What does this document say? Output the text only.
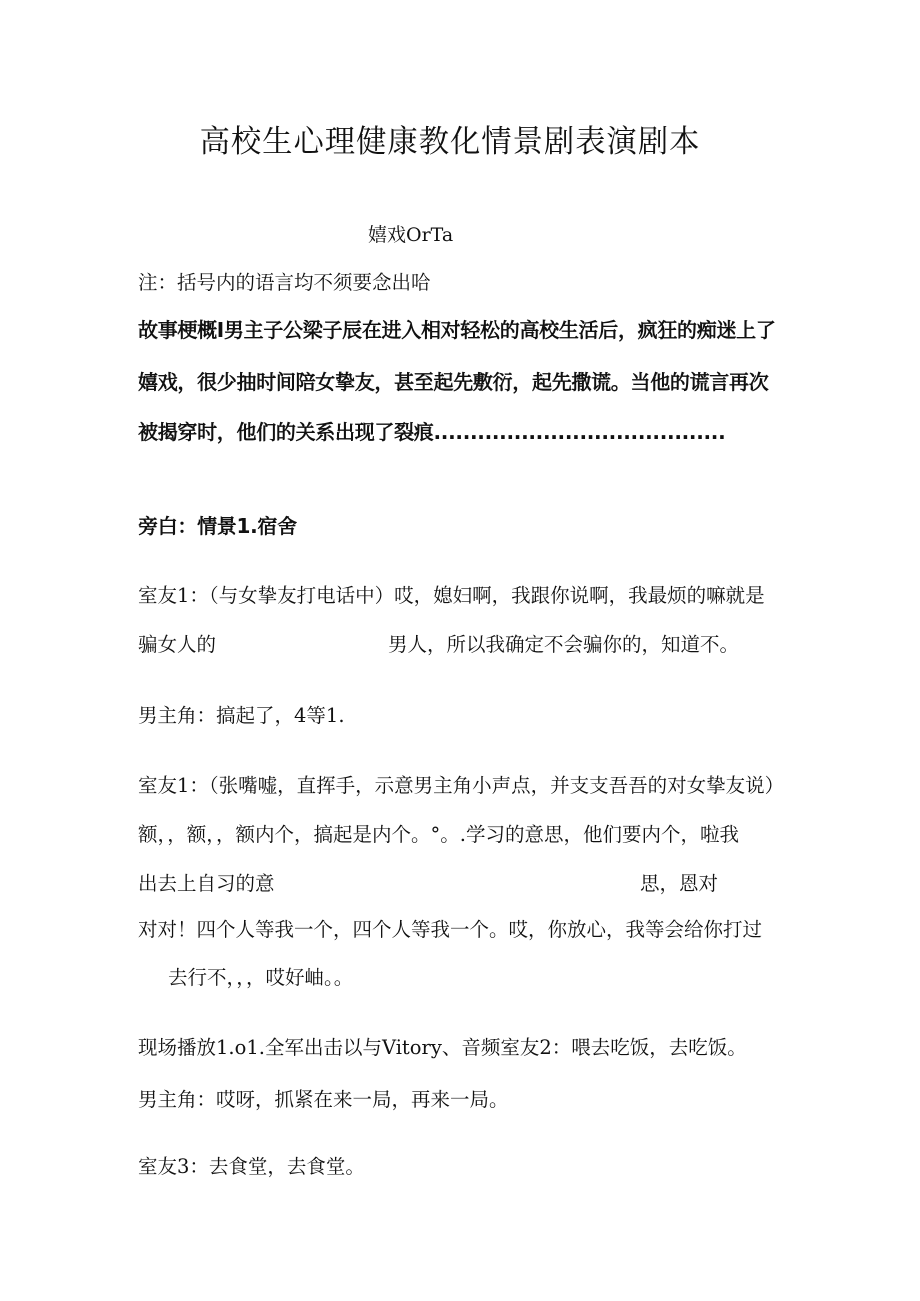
高校生心理健康教化情景剧表演剧本
嬉戏OrTa
注：括号内的语言均不须要念出哈
故事梗概I男主子公梁子辰在进入相对轻松的高校生活后，疯狂的痴迷上了
嬉戏，很少抽时间陪女挚友，甚至起先敷衍，起先撒谎。当他的谎言再次
被揭穿时，他们的关系出现了裂痕........................................
旁白：情景1.宿舍
室友1：（与女挚友打电话中）哎，媳妇啊，我跟你说啊，我最烦的嘛就是
骗女人的	男人，所以我确定不会骗你的，知道不。
男主角：搞起了，4等1.
室友1：（张嘴嘘，直挥手，示意男主角小声点，并支支吾吾的对女挚友说）
额，，额，，额内个，搞起是内个。°。.学习的意思，他们要内个，啦我
出去上自习的意	思，恩对
对对！四个人等我一个，四个人等我一个。哎，你放心，我等会给你打过
去行不，，，哎好岫。。
现场播放1.o1.全军出击以与Vitory、音频室友2：喂去吃饭，去吃饭。
男主角：哎呀，抓紧在来一局，再来一局。
室友3：去食堂，去食堂。
